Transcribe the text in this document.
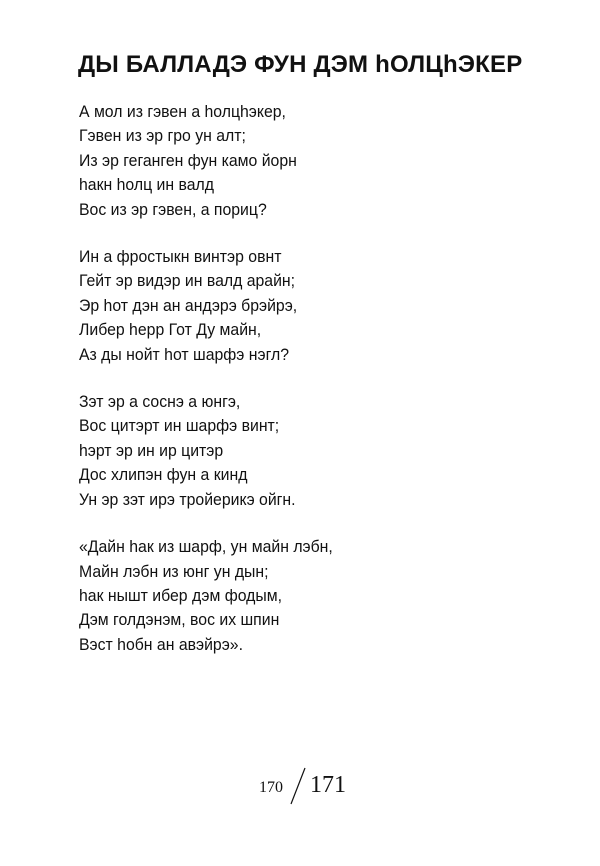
ДЫ БАЛЛАДЭ ФУН ДЭМ hОЛЦhЭКЕР
А мол из гэвен а hолцhэкер,
Гэвен из эр гро ун алт;
Из эр геганген фун камо йорн
hакн hолц ин валд
Вос из эр гэвен, а пориц?
Ин а фростыкн винтэр овнт
Гейт эр видэр ин валд арайн;
Эр hот дэн ан андэрэ брэйрэ,
Либер hерр Гот Ду майн,
Аз ды нойт hот шарфэ нэгл?
Зэт эр а соснэ а юнгэ,
Вос цитэрт ин шарфэ винт;
hэрт эр ин ир цитэр
Дос хлипэн фун а кинд
Ун эр зэт ирэ тройерикэ ойгн.
«Дайн hак из шарф, ун майн лэбн,
Майн лэбн из юнг ун дын;
hак нышт ибер дэм фодым,
Дэм голдэнэм, вос их шпин
Вэст hобн ан авэйрэ».
170 171
